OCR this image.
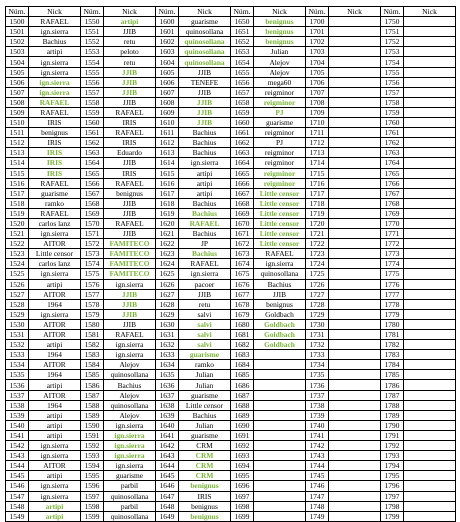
Núm.	Nick	Núm.	Nick	Núm.	Nick	Núm.	Nick	Núm.	Nick	Núm.	Nick
1500	RAFAEL	1550	artipi	1600	guarisme	1650	benignus	1700		1750	
1501	ign.sierra	1551	JJIB	1601	quinosollana	1651	benignus	1701		1751	
1502	Bachius	1552	retu	1602	quinosollana	1652	benignus	1702		1752	
1503	artipi	1553	peloto	1603	quinosollana	1653	Julian	1703		1753	
1504	ign.sierra	1554	retu	1604	quinosollana	1654	Alejov	1704		1754	
1505	ign.sierra	1555	JJIB	1605	JJIB	1655	Alejov	1705		1755	
1506	ign.sierra	1556	JJIB	1606	TENEFE	1656	mega60	1706		1756	
1507	ign.sierra	1557	JJIB	1607	JJIB	1657	reigminor	1707		1757	
1508	RAFAEL	1558	JJIB	1608	JJIB	1658	reigminor	1708		1758	
1509	RAFAEL	1559	RAFAEL	1609	JJIB	1659	PJ	1709		1759	
1510	IRIS	1560	IRIS	1610	JJIB	1660	guarisme	1710		1760	
1511	benignus	1561	RAFAEL	1611	Bachius	1661	reigminor	1711		1761	
1512	IRIS	1562	IRIS	1612	Bachius	1662	PJ	1712		1762	
1513	IRIS	1563	Eduardo	1613	Bachius	1663	reigminor	1713		1763	
1514	IRIS	1564	JJIB	1614	ign.sierra	1664	reigminor	1714		1764	
1515	IRIS	1565	IRIS	1615	artipi	1665	reigminor	1715		1765	
1516	RAFAEL	1566	RAFAEL	1616	artipi	1666	reigminor	1716		1766	
1517	guarisme	1567	benignus	1617	artipi	1667	Little censor	1717		1767	
1518	ramko	1568	JJIB	1618	Bachius	1668	Little censor	1718		1768	
1519	RAFAEL	1569	JJIB	1619	Bachius	1669	Little censor	1719		1769	
1520	carlos lanz	1570	RAFAEL	1620	RAFAEL	1670	Little censor	1720		1770	
1521	ign.sierra	1571	JJIB	1621	Bachius	1671	Little censor	1721		1771	
1522	AITOR	1572	FAMITECO	1622	JP	1672	Little censor	1722		1772	
1523	Little censor	1573	FAMITECO	1623	Bachius	1673	RAFAEL	1723		1773	
1524	carlos lanz	1574	FAMITECO	1624	RAFAEL	1674	ign.sierra	1724		1774	
1525	ign.sierra	1575	FAMITECO	1625	ign.sierra	1675	quinosollana	1725		1775	
1526	artipi	1576	ign.sierra	1626	pacoer	1676	Bachius	1726		1776	
1527	AITOR	1577	JJIB	1627	JJIB	1677	JJIB	1727		1777	
1528	1964	1578	JJIB	1628	retu	1678	benignus	1728		1778	
1529	ign.sierra	1579	JJIB	1629	salvi	1679	Goldbach	1729		1779	
1530	AITOR	1580	JJIB	1630	salvi	1680	Goldbach	1730		1780	
1531	AITOR	1581	RAFAEL	1631	salvi	1681	Goldbach	1731		1781	
1532	artipi	1582	ign.sierra	1632	salvi	1682	Goldbach	1732		1782	
1533	1964	1583	ign.sierra	1633	guarisme	1683		1733		1783	
1534	AITOR	1584	Alejov	1634	ramko	1684		1734		1784	
1535	1964	1585	quinosollana	1635	Julian	1685		1735		1785	
1536	artipi	1586	Bachius	1636	Julian	1686		1736		1786	
1537	AITOR	1587	Alejov	1637	guarisme	1687		1737		1787	
1538	1964	1588	quinosollana	1638	Little censor	1688		1738		1788	
1539	artipi	1589	Alejov	1639	Bachius	1689		1739		1789	
1540	artipi	1590	ign.sierra	1640	Julian	1690		1740		1790	
1541	artipi	1591	ign.sierra	1641	guarisme	1691		1741		1791	
1542	ign.sierra	1592	ign.sierra	1642	CRM	1692		1742		1792	
1543	ign.sierra	1593	ign.sierra	1643	CRM	1693		1743		1793	
1544	AITOR	1594	ign.sierra	1644	CRM	1694		1744		1794	
1545	artipi	1595	guarisme	1645	CRM	1695		1745		1795	
1546	ign.sierra	1596	parbil	1646	benignus	1696		1746		1796	
1547	ign.sierra	1597	quinosollana	1647	IRIS	1697		1747		1797	
1548	artipi	1598	parbil	1648	benignus	1698		1748		1798	
1549	artipi	1599	quinosollana	1649	benignus	1699		1749		1799	
